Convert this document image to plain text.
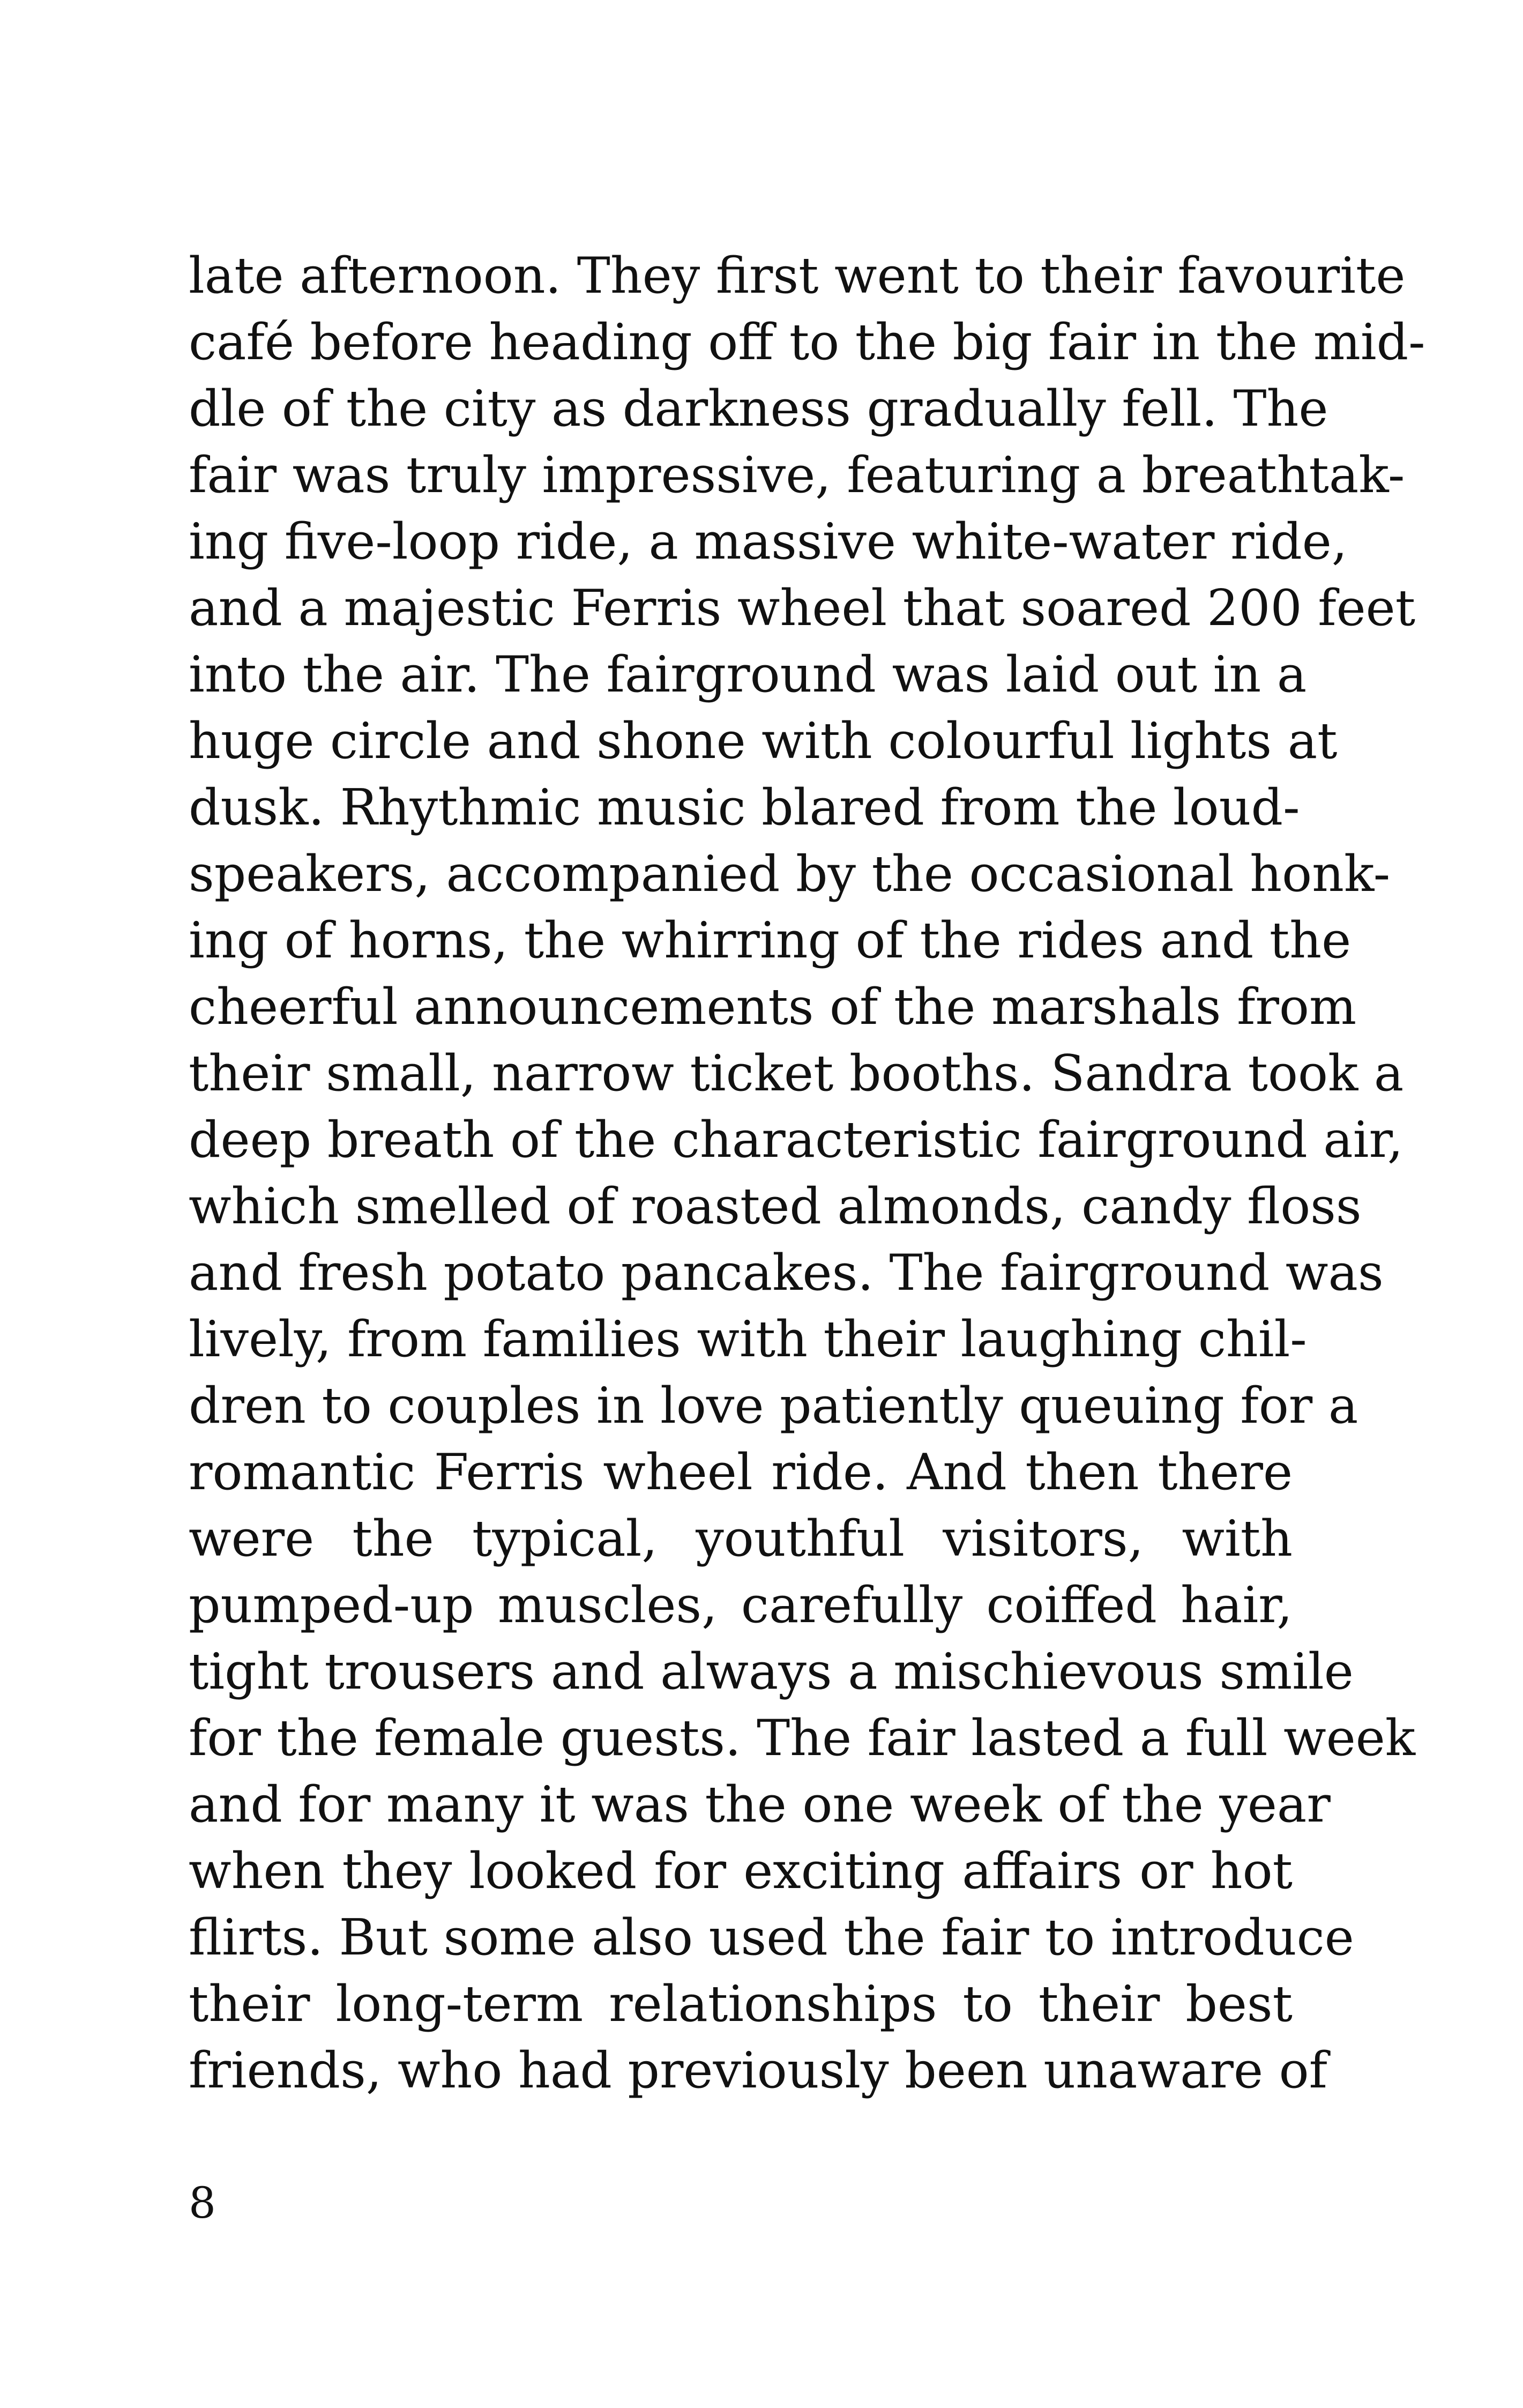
late afternoon. They first went to their favourite
café before heading off to the big fair in the mid-
dle of the city as darkness gradually fell. The
fair was truly impressive, featuring a breathtak-
ing five-loop ride, a massive white-water ride,
and a majestic Ferris wheel that soared 200 feet
into the air. The fairground was laid out in a
huge circle and shone with colourful lights at
dusk. Rhythmic music blared from the loud-
speakers, accompanied by the occasional honk-
ing of horns, the whirring of the rides and the
cheerful announcements of the marshals from
their small, narrow ticket booths. Sandra took a
deep breath of the characteristic fairground air,
which smelled of roasted almonds, candy floss
and fresh potato pancakes. The fairground was
lively, from families with their laughing chil-
dren to couples in love patiently queuing for a
romantic Ferris wheel ride. And then there
were the typical, youthful visitors, with
pumped-up muscles, carefully coiffed hair,
tight trousers and always a mischievous smile
for the female guests. The fair lasted a full week
and for many it was the one week of the year
when they looked for exciting affairs or hot
flirts. But some also used the fair to introduce
their long-term relationships to their best
friends, who had previously been unaware of
8
